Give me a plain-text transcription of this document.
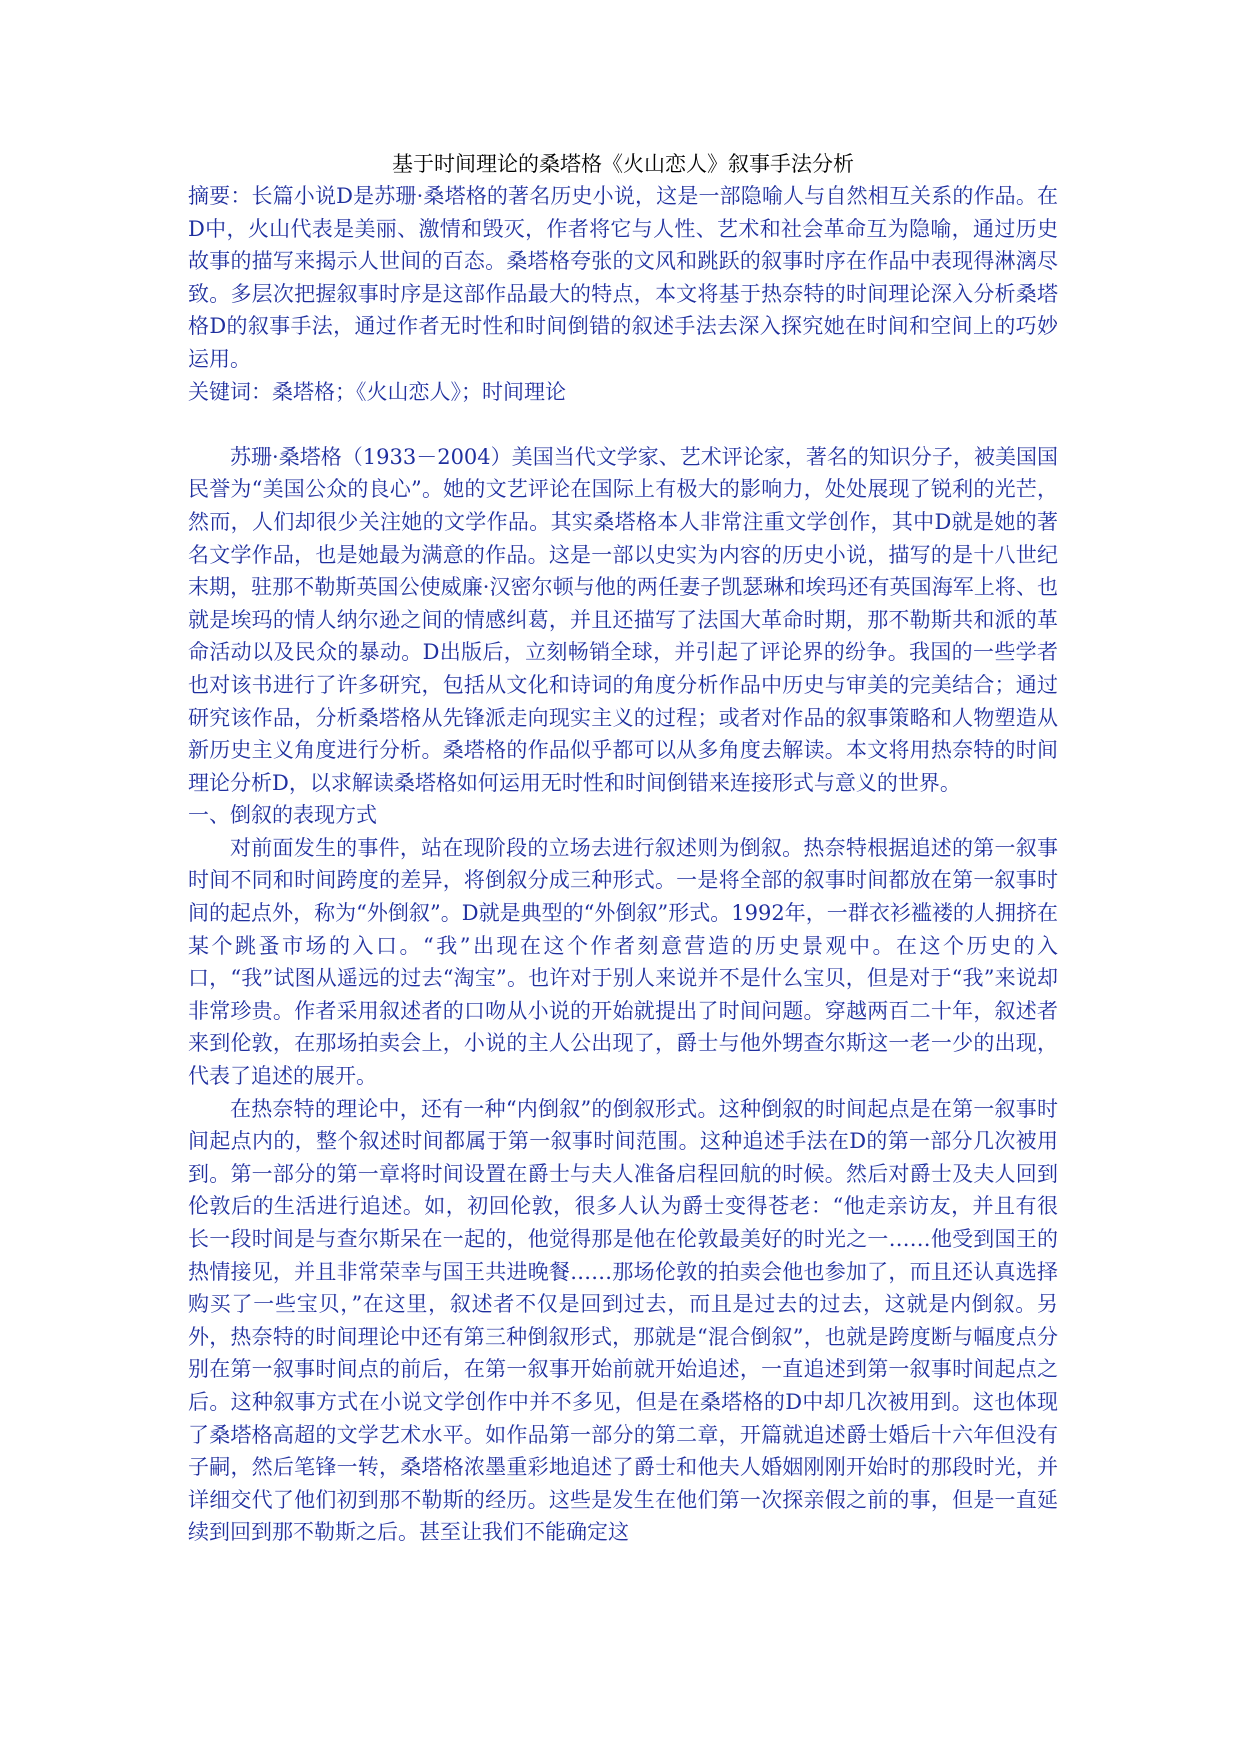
基于时间理论的桑塔格《火山恋人》叙事手法分析

摘要：长篇小说D是苏珊·桑塔格的著名历史小说，这是一部隐喻人与自然相互关系的作品。在D中，火山代表是美丽、激情和毁灭，作者将它与人性、艺术和社会革命互为隐喻，通过历史故事的描写来揭示人世间的百态。桑塔格夸张的文风和跳跃的叙事时序在作品中表现得淋漓尽致。多层次把握叙事时序是这部作品最大的特点，本文将基于热奈特的时间理论深入分析桑塔格D的叙事手法，通过作者无时性和时间倒错的叙述手法去深入探究她在时间和空间上的巧妙运用。

关键词：桑塔格；《火山恋人》；时间理论

苏珊·桑塔格（1933－2004）美国当代文学家、艺术评论家，著名的知识分子，被美国国民誉为“美国公众的良心”。她的文艺评论在国际上有极大的影响力，处处展现了锐利的光芒，然而，人们却很少关注她的文学作品。其实桑塔格本人非常注重文学创作，其中D就是她的著名文学作品，也是她最为满意的作品。这是一部以史实为内容的历史小说，描写的是十八世纪末期，驻那不勒斯英国公使威廉·汉密尔顿与他的两任妻子凯瑟琳和埃玛还有英国海军上将、也就是埃玛的情人纳尔逊之间的情感纠葛，并且还描写了法国大革命时期，那不勒斯共和派的革命活动以及民众的暴动。D出版后，立刻畅销全球，并引起了评论界的纷争。我国的一些学者也对该书进行了许多研究，包括从文化和诗词的角度分析作品中历史与审美的完美结合；通过研究该作品，分析桑塔格从先锋派走向现实主义的过程；或者对作品的叙事策略和人物塑造从新历史主义角度进行分析。桑塔格的作品似乎都可以从多角度去解读。本文将用热奈特的时间理论分析D，以求解读桑塔格如何运用无时性和时间倒错来连接形式与意义的世界。

一、倒叙的表现方式

对前面发生的事件，站在现阶段的立场去进行叙述则为倒叙。热奈特根据追述的第一叙事时间不同和时间跨度的差异，将倒叙分成三种形式。一是将全部的叙事时间都放在第一叙事时间的起点外，称为“外倒叙”。D就是典型的“外倒叙”形式。1992年，一群衣衫褴褛的人拥挤在某个跳蚤市场的入口。“我”出现在这个作者刻意营造的历史景观中。在这个历史的入口，“我”试图从遥远的过去“淘宝”。也许对于别人来说并不是什么宝贝，但是对于“我”来说却非常珍贵。作者采用叙述者的口吻从小说的开始就提出了时间问题。穿越两百二十年，叙述者来到伦敦，在那场拍卖会上，小说的主人公出现了，爵士与他外甥查尔斯这一老一少的出现，代表了追述的展开。

在热奈特的理论中，还有一种“内倒叙”的倒叙形式。这种倒叙的时间起点是在第一叙事时间起点内的，整个叙述时间都属于第一叙事时间范围。这种追述手法在D的第一部分几次被用到。第一部分的第一章将时间设置在爵士与夫人准备启程回航的时候。然后对爵士及夫人回到伦敦后的生活进行追述。如，初回伦敦，很多人认为爵士变得苍老：“他走亲访友，并且有很长一段时间是与查尔斯呆在一起的，他觉得那是他在伦敦最美好的时光之一……他受到国王的热情接见，并且非常荣幸与国王共进晚餐……那场伦敦的拍卖会他也参加了，而且还认真选择购买了一些宝贝，”在这里，叙述者不仅是回到过去，而且是过去的过去，这就是内倒叙。另外，热奈特的时间理论中还有第三种倒叙形式，那就是“混合倒叙”，也就是跨度断与幅度点分别在第一叙事时间点的前后，在第一叙事开始前就开始追述，一直追述到第一叙事时间起点之后。这种叙事方式在小说文学创作中并不多见，但是在桑塔格的D中却几次被用到。这也体现了桑塔格高超的文学艺术水平。如作品第一部分的第二章，开篇就追述爵士婚后十六年但没有子嗣，然后笔锋一转，桑塔格浓墨重彩地追述了爵士和他夫人婚姻刚刚开始时的那段时光，并详细交代了他们初到那不勒斯的经历。这些是发生在他们第一次探亲假之前的事，但是一直延续到回到那不勒斯之后。甚至让我们不能确定这
